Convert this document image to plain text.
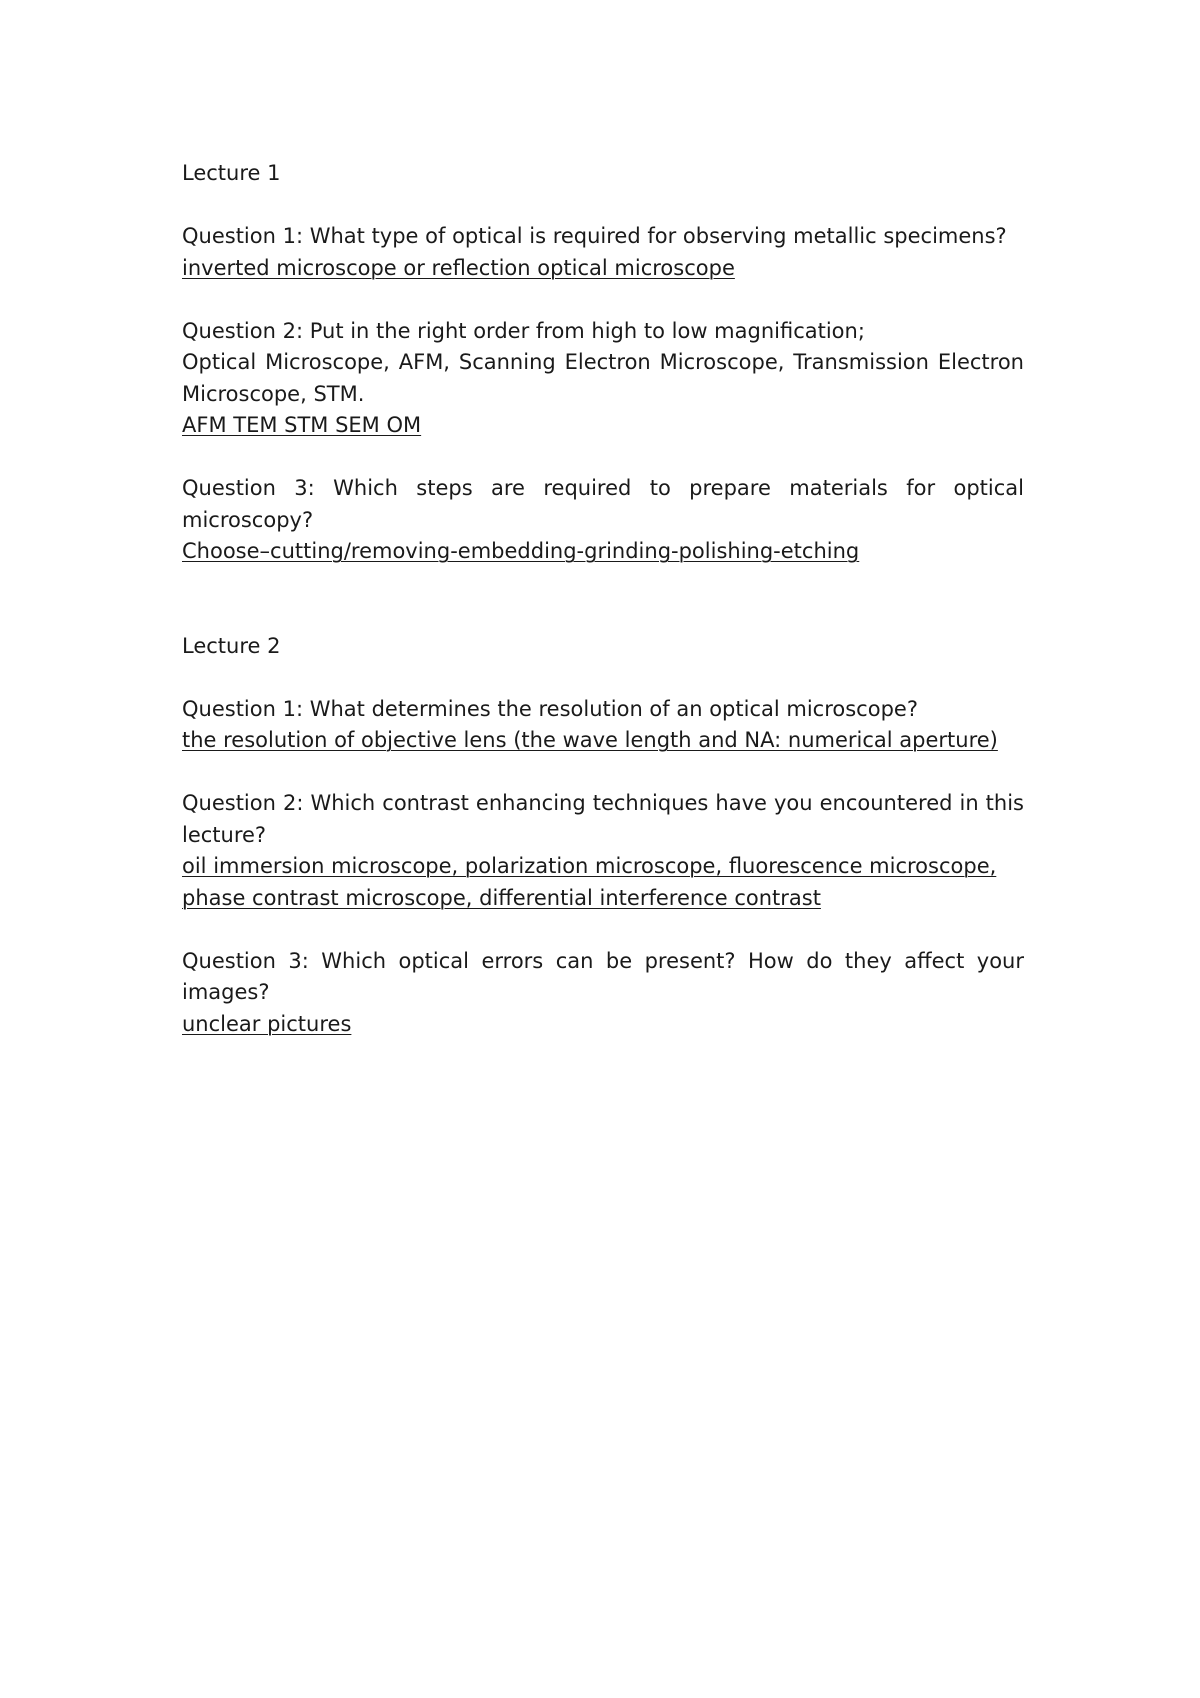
Lecture 1

Question 1: What type of optical is required for observing metallic specimens?

inverted microscope or reflection optical microscope

Question 2: Put in the right order from high to low magnification;

Optical Microscope, AFM, Scanning Electron Microscope, Transmission Electron Microscope, STM.

AFM TEM STM SEM OM

Question 3: Which steps are required to prepare materials for optical microscopy?

Choose–cutting/removing-embedding-grinding-polishing-etching

Lecture 2

Question 1: What determines the resolution of an optical microscope?

the resolution of objective lens (the wave length and NA: numerical aperture)

Question 2: Which contrast enhancing techniques have you encountered in this lecture?

oil immersion microscope, polarization microscope, fluorescence microscope, phase contrast microscope, differential interference contrast

Question 3: Which optical errors can be present? How do they affect your images?

unclear pictures
